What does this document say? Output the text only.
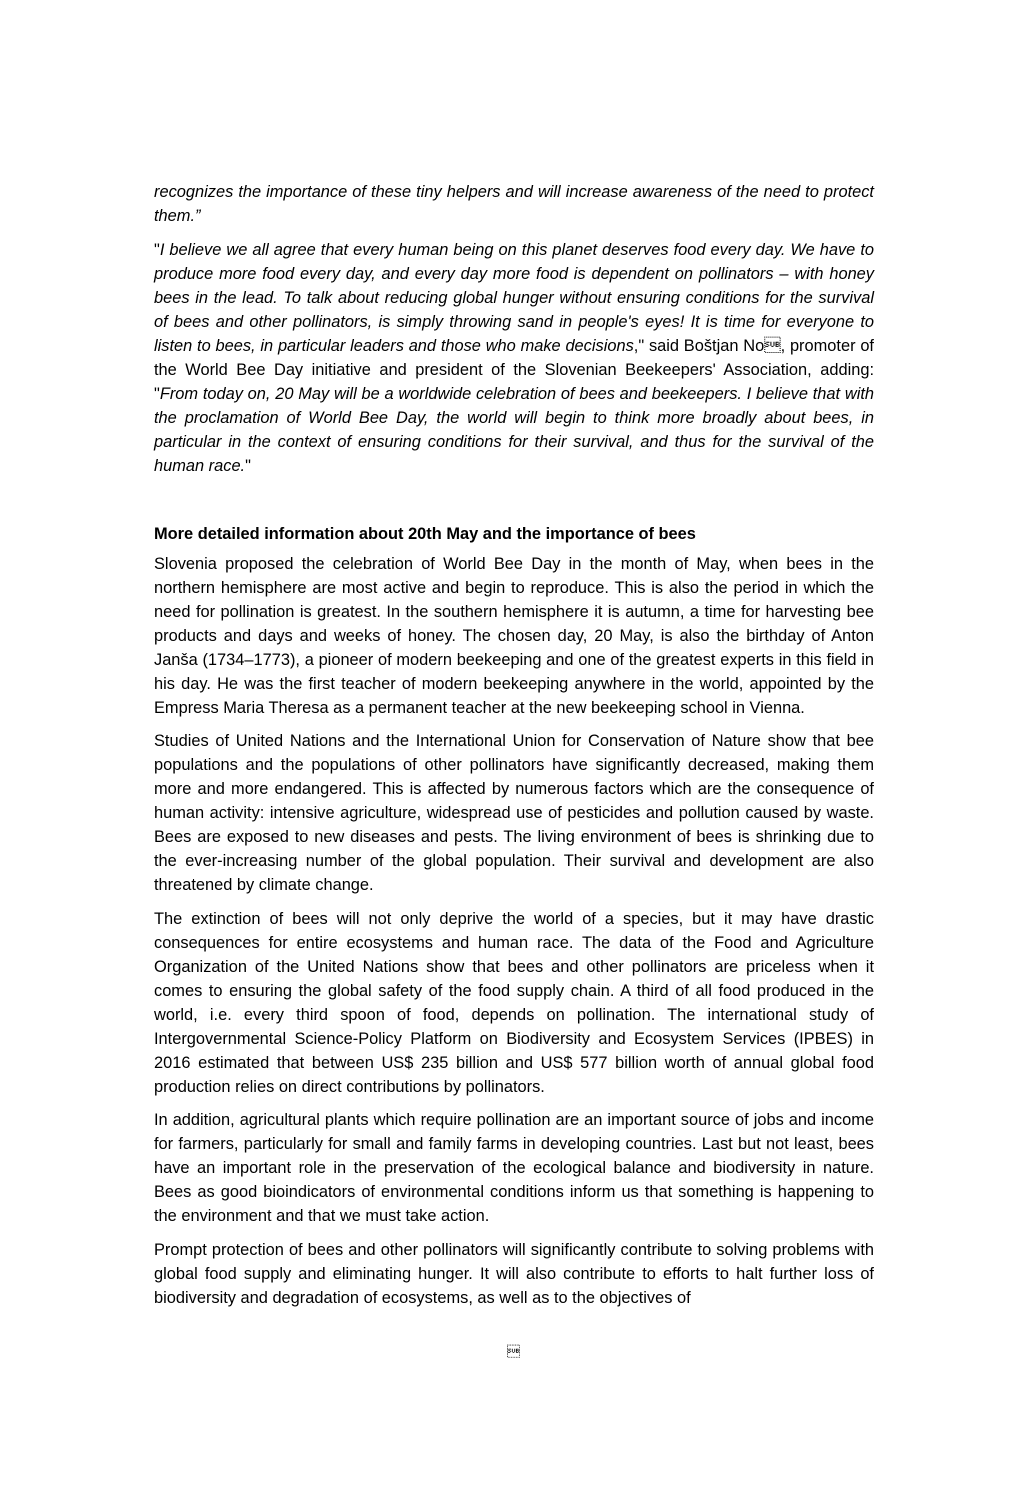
recognizes the importance of these tiny helpers and will increase awareness of the need to protect them.”

"I believe we all agree that every human being on this planet deserves food every day. We have to produce more food every day, and every day more food is dependent on pollinators – with honey bees in the lead. To talk about reducing global hunger without ensuring conditions for the survival of bees and other pollinators, is simply throwing sand in people's eyes! It is time for everyone to listen to bees, in particular leaders and those who make decisions," said Boštjan No, promoter of the World Bee Day initiative and president of the Slovenian Beekeepers' Association, adding: "From today on, 20 May will be a worldwide celebration of bees and beekeepers. I believe that with the proclamation of World Bee Day, the world will begin to think more broadly about bees, in particular in the context of ensuring conditions for their survival, and thus for the survival of the human race."

More detailed information about 20th May and the importance of bees

Slovenia proposed the celebration of World Bee Day in the month of May, when bees in the northern hemisphere are most active and begin to reproduce. This is also the period in which the need for pollination is greatest. In the southern hemisphere it is autumn, a time for harvesting bee products and days and weeks of honey. The chosen day, 20 May, is also the birthday of Anton Janša (1734–1773), a pioneer of modern beekeeping and one of the greatest experts in this field in his day. He was the first teacher of modern beekeeping anywhere in the world, appointed by the Empress Maria Theresa as a permanent teacher at the new beekeeping school in Vienna.

Studies of United Nations and the International Union for Conservation of Nature show that bee populations and the populations of other pollinators have significantly decreased, making them more and more endangered. This is affected by numerous factors which are the consequence of human activity: intensive agriculture, widespread use of pesticides and pollution caused by waste. Bees are exposed to new diseases and pests. The living environment of bees is shrinking due to the ever-increasing number of the global population. Their survival and development are also threatened by climate change.

The extinction of bees will not only deprive the world of a species, but it may have drastic consequences for entire ecosystems and human race. The data of the Food and Agriculture Organization of the United Nations show that bees and other pollinators are priceless when it comes to ensuring the global safety of the food supply chain. A third of all food produced in the world, i.e. every third spoon of food, depends on pollination. The international study of Intergovernmental Science-Policy Platform on Biodiversity and Ecosystem Services (IPBES) in 2016 estimated that between US$ 235 billion and US$ 577 billion worth of annual global food production relies on direct contributions by pollinators.

In addition, agricultural plants which require pollination are an important source of jobs and income for farmers, particularly for small and family farms in developing countries. Last but not least, bees have an important role in the preservation of the ecological balance and biodiversity in nature. Bees as good bioindicators of environmental conditions inform us that something is happening to the environment and that we must take action.

Prompt protection of bees and other pollinators will significantly contribute to solving problems with global food supply and eliminating hunger. It will also contribute to efforts to halt further loss of biodiversity and degradation of ecosystems, as well as to the objectives of


